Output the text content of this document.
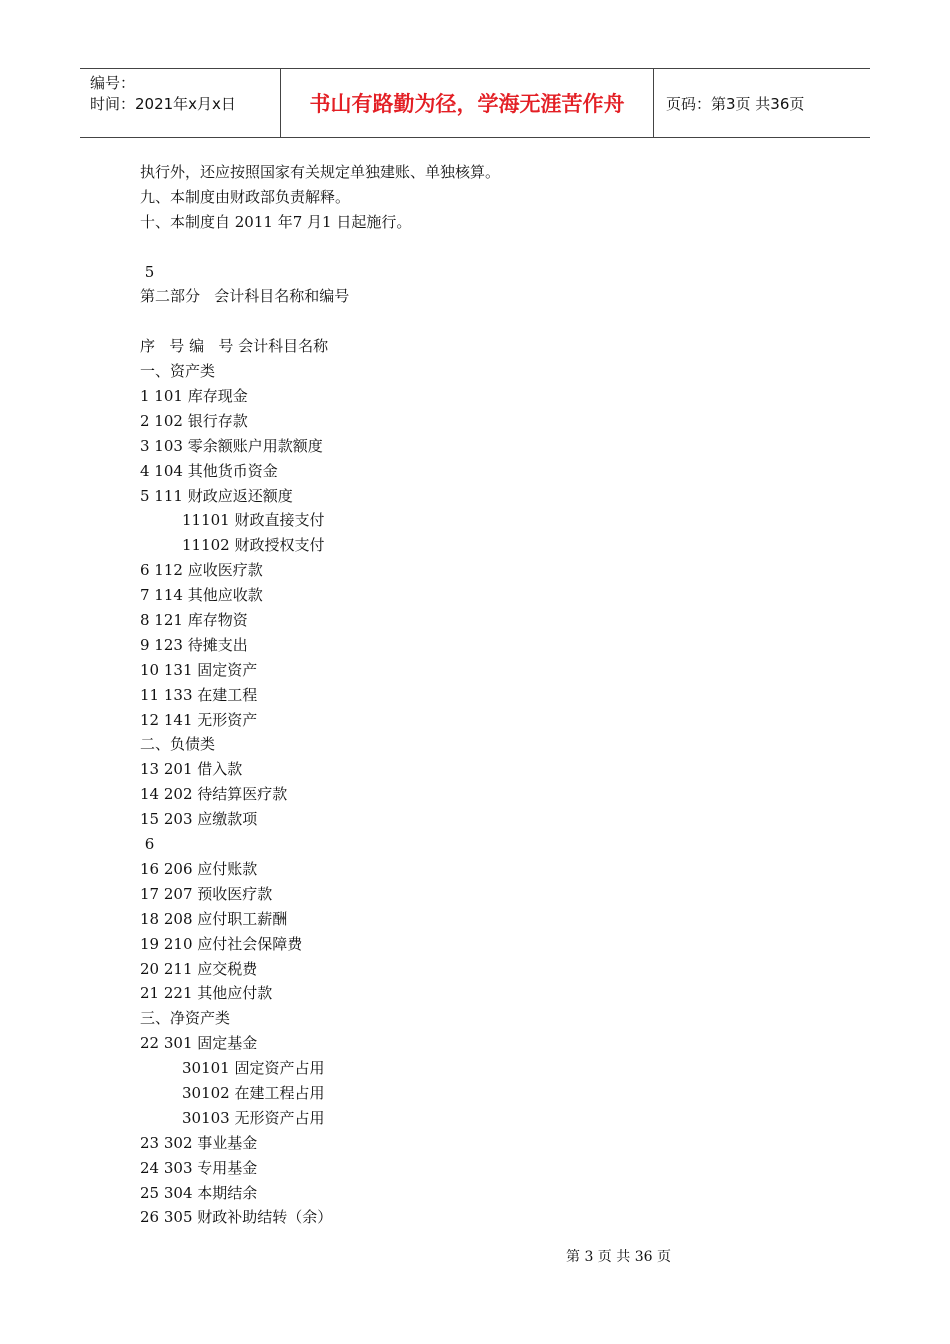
编号：
时间：2021年x月x日	书山有路勤为径，学海无涯苦作舟	页码：第3页 共36页
执行外，还应按照国家有关规定单独建账、单独核算。
九、本制度由财政部负责解释。
十、本制度自 2011 年7 月1 日起施行。
5
第二部分   会计科目名称和编号
序   号 编   号 会计科目名称
一、资产类
1 101 库存现金
2 102 银行存款
3 103 零余额账户用款额度
4 104 其他货币资金
5 111 财政应返还额度
11101 财政直接支付
11102 财政授权支付
6 112 应收医疗款
7 114 其他应收款
8 121 库存物资
9 123 待摊支出
10 131 固定资产
11 133 在建工程
12 141 无形资产
二、负债类
13 201 借入款
14 202 待结算医疗款
15 203 应缴款项
6
16 206 应付账款
17 207 预收医疗款
18 208 应付职工薪酬
19 210 应付社会保障费
20 211 应交税费
21 221 其他应付款
三、净资产类
22 301 固定基金
30101 固定资产占用
30102 在建工程占用
30103 无形资产占用
23 302 事业基金
24 303 专用基金
25 304 本期结余
26 305 财政补助结转（余）
第 3 页 共 36 页
